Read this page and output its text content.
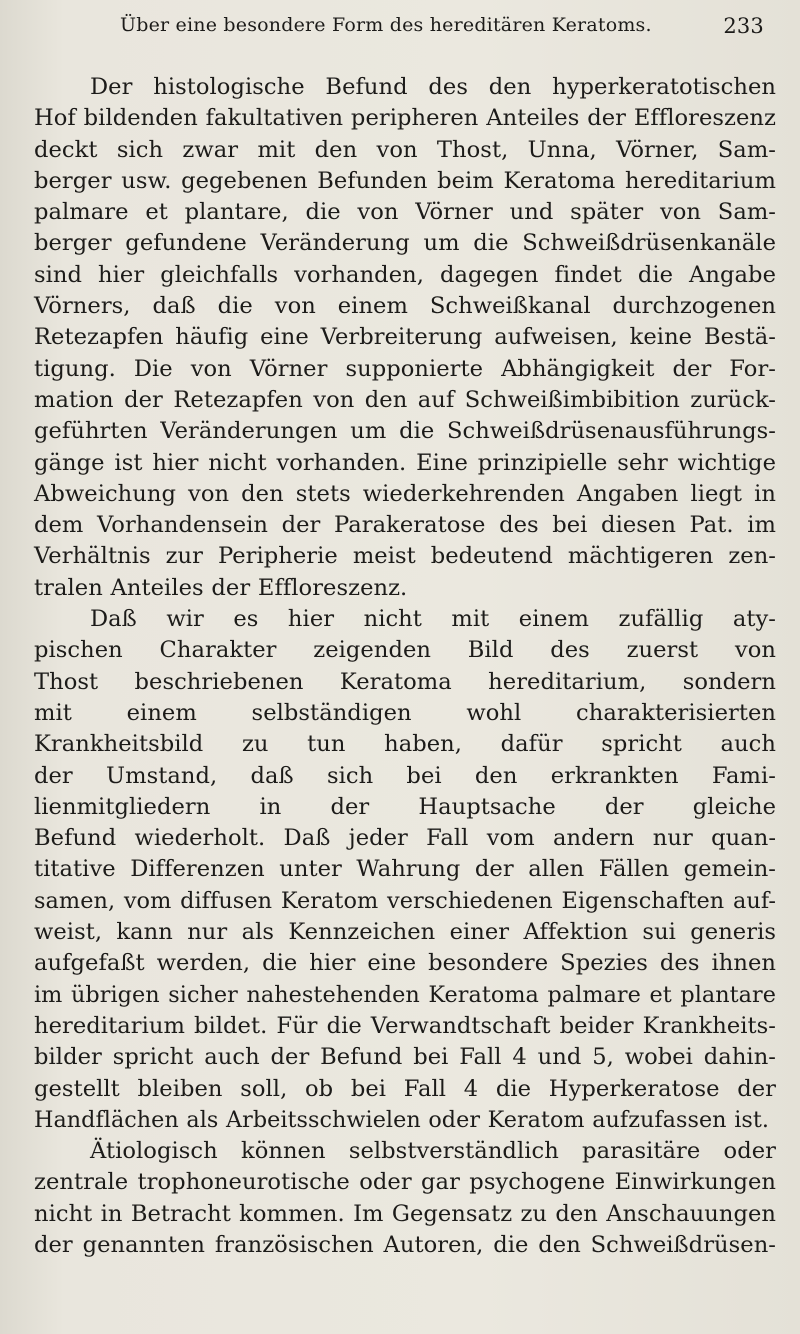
Über eine besondere Form des hereditären Keratoms.	233
Der histologische Befund des den hyperkeratotischen
Hof bildenden fakultativen peripheren Anteiles der Effloreszenz
deckt sich zwar mit den von Thost, Unna, Vörner, Sam-
berger usw. gegebenen Befunden beim Keratoma hereditarium
palmare et plantare, die von Vörner und später von Sam-
berger gefundene Veränderung um die Schweißdrüsenkanäle
sind hier gleichfalls vorhanden, dagegen findet die Angabe
Vörners, daß die von einem Schweißkanal durchzogenen
Retezapfen häufig eine Verbreiterung aufweisen, keine Bestä-
tigung. Die von Vörner supponierte Abhängigkeit der For-
mation der Retezapfen von den auf Schweißimbibition zurück-
geführten Veränderungen um die Schweißdrüsenausführungs-
gänge ist hier nicht vorhanden. Eine prinzipielle sehr wichtige
Abweichung von den stets wiederkehrenden Angaben liegt in
dem Vorhandensein der Parakeratose des bei diesen Pat. im
Verhältnis zur Peripherie meist bedeutend mächtigeren zen-
tralen Anteiles der Effloreszenz.
Daß wir es hier nicht mit einem zufällig aty-
pischen Charakter zeigenden Bild des zuerst von
Thost beschriebenen Keratoma hereditarium, sondern
mit einem selbständigen wohl charakterisierten
Krankheitsbild zu tun haben, dafür spricht auch
der Umstand, daß sich bei den erkrankten Fami-
lienmitgliedern in der Hauptsache der gleiche
Befund wiederholt. Daß jeder Fall vom andern nur quan-
titative Differenzen unter Wahrung der allen Fällen gemein-
samen, vom diffusen Keratom verschiedenen Eigenschaften auf-
weist, kann nur als Kennzeichen einer Affektion sui generis
aufgefaßt werden, die hier eine besondere Spezies des ihnen
im übrigen sicher nahestehenden Keratoma palmare et plantare
hereditarium bildet. Für die Verwandtschaft beider Krankheits-
bilder spricht auch der Befund bei Fall 4 und 5, wobei dahin-
gestellt bleiben soll, ob bei Fall 4 die Hyperkeratose der
Handflächen als Arbeitsschwielen oder Keratom aufzufassen ist.
Ätiologisch können selbstverständlich parasitäre oder
zentrale trophoneurotische oder gar psychogene Einwirkungen
nicht in Betracht kommen. Im Gegensatz zu den Anschauungen
der genannten französischen Autoren, die den Schweißdrüsen-
